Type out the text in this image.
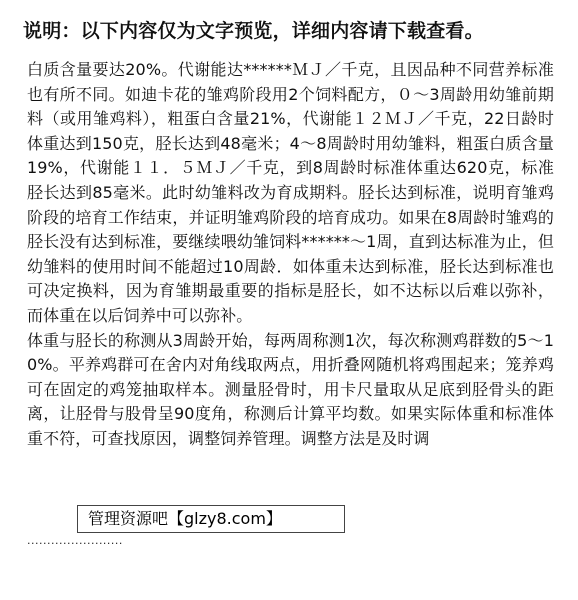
说明：以下内容仅为文字预览，详细内容请下载查看。

白质含量要达20%。代谢能达******ＭＪ／千克，且因品种不同营养标准也有所不同。如迪卡花的雏鸡阶段用2个饲料配方，０～3周龄用幼雏前期料（或用雏鸡料），粗蛋白含量21%，代谢能１２ＭＪ／千克，22日龄时体重达到150克，胫长达到48毫米；4～8周龄时用幼雏料，粗蛋白质含量19%，代谢能１１．５ＭＪ／千克，到8周龄时标准体重达620克，标准胫长达到85毫米。此时幼雏料改为育成期料。胫长达到标准，说明育雏鸡阶段的培育工作结束，并证明雏鸡阶段的培育成功。如果在8周龄时雏鸡的胫长没有达到标准，要继续喂幼雏饲料******～1周，直到达标准为止，但幼雏料的使用时间不能超过10周龄．如体重未达到标准，胫长达到标准也可决定换料，因为育雏期最重要的指标是胫长，如不达标以后难以弥补，而体重在以后饲养中可以弥补。

体重与胫长的称测从3周龄开始，每两周称测1次，每次称测鸡群数的5～10%。平养鸡群可在舍内对角线取两点，用折叠网随机将鸡围起来；笼养鸡可在固定的鸡笼抽取样本。测量胫骨时，用卡尺量取从足底到胫骨头的距离，让胫骨与股骨呈90度角，称测后计算平均数。如果实际体重和标准体重不符，可查找原因，调整饲养管理。调整方法是及时调

管理资源吧【glzy8.com】
························
